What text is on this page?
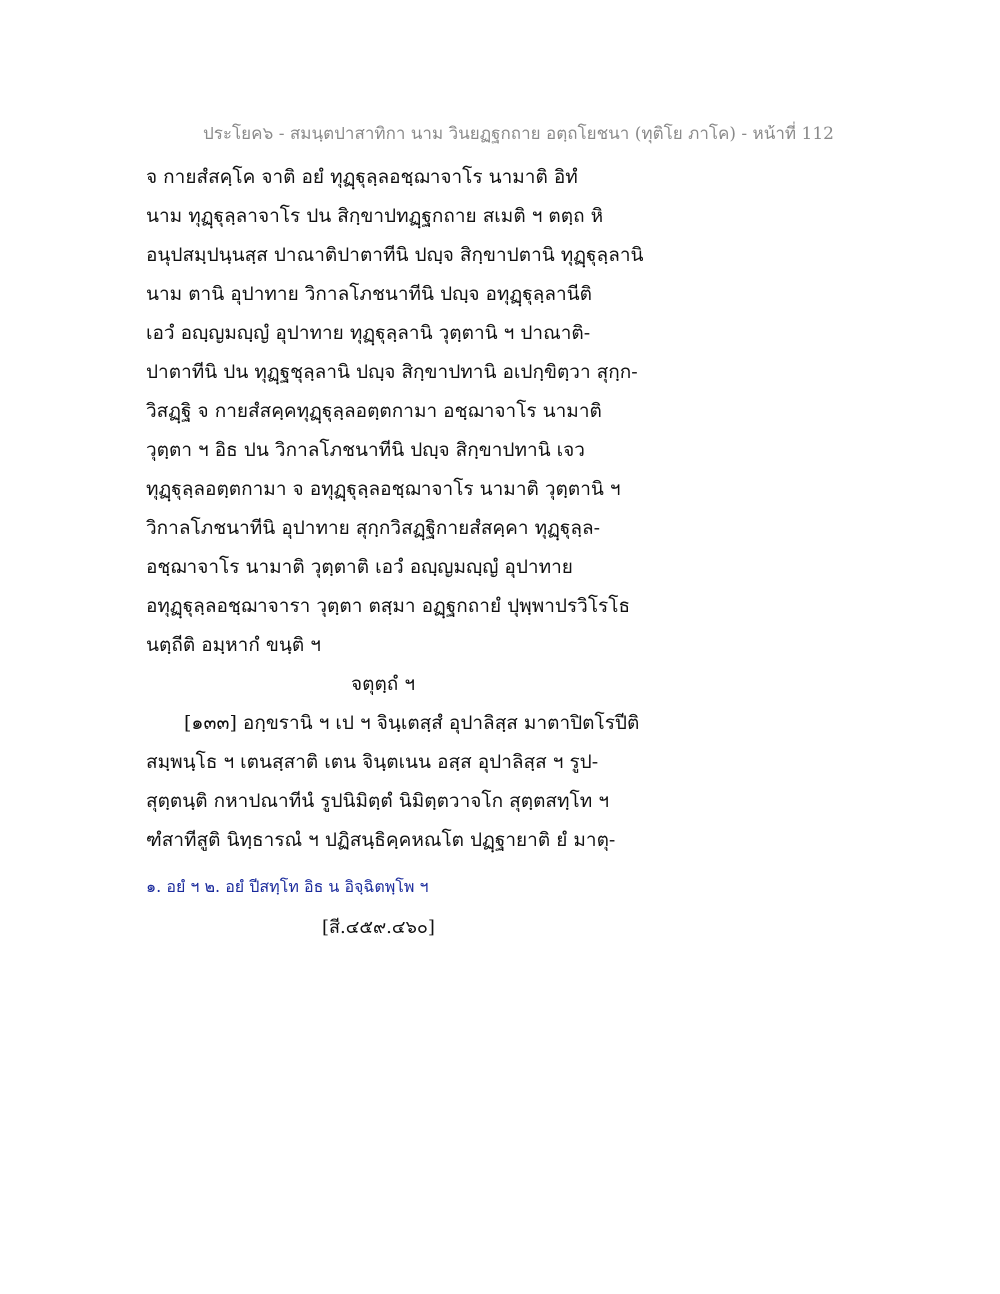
ประโยค๖ - สมนฺตปาสาทิกา นาม วินยฏฐกถาย อตฺถโยชนา (ทุติโย ภาโค) - หน้าที่ 112
จ กายสํสคฺโค จาติ อยํ ทุฏฺฐุลฺลอชฺฌาจาโร นามาติ อิทํ
นาม ทุฏฺฐุลฺลาจาโร ปน สิกฺขาปทฏฺฐกถาย สเมติ ฯ ตตฺถ หิ
อนุปสมฺปนฺนสฺส ปาณาติปาตาทีนิ ปญฺจ สิกฺขาปตานิ ทุฏฺฐุลฺลานิ
นาม ตานิ อุปาทาย วิกาลโภชนาทีนิ ปญฺจ อทุฏฺฐุลฺลานีติ
เอวํ อญฺญมญฺญํ อุปาทาย ทุฏฺฐุลฺลานิ วุตฺตานิ ฯ ปาณาติ-
ปาตาทีนิ ปน ทุฏฺฐชุลฺลานิ ปญฺจ สิกฺขาปทานิ อเปกฺขิตฺวา สุกฺก-
วิสฏฺฐิ จ กายสํสคฺคทุฏฺฐุลฺลอตฺตกามา อชฺฌาจาโร นามาติ
วุตฺตา ฯ อิธ ปน วิกาลโภชนาทีนิ ปญฺจ สิกฺขาปทานิ เจว
ทุฏฺฐุลฺลอตฺตกามา จ อทุฏฺฐุลฺลอชฺฌาจาโร นามาติ วุตฺตานิ ฯ
วิกาลโภชนาทีนิ อุปาทาย สุกฺกวิสฏฺฐิกายสํสคฺคา ทุฏฺฐุลฺล-
อชฺฌาจาโร นามาติ วุตฺตาติ เอวํ อญฺญมญฺญํ อุปาทาย
อทุฏฺฐุลฺลอชฺฌาจารา วุตฺตา ตสฺมา อฏฺฐกถายํ ปุพฺพาปรวิโรโธ
นตฺถีติ อมฺหากํ ขนฺติ ฯ
จตุตฺถํ ฯ
[๑๓๓] อกฺขรานิ ฯ เป ฯ จินฺเตสฺสํ อุปาลิสฺส มาตาปิตโรปีติ
สมฺพนฺโธ ฯ เตนสฺสาติ เตน จินฺตเนน อสฺส อุปาลิสฺส ฯ รูป-
สุตฺตนฺติ กหาปณาทีนํ รูปนิมิตฺตํ นิมิตฺตวาจโก สุตฺตสทฺโท ฯ
ฑํสาทีสูติ นิทฺธารณํ ฯ ปฏิสนฺธิคฺคหณโต ปฏฺฐายาติ ยํ มาตุ-
๑. อยํ ฯ ๒. อยํ ปีสทฺโท อิธ น อิจฺฉิตพฺโพ ฯ
[สี.๔๕๙.๔๖๐]
